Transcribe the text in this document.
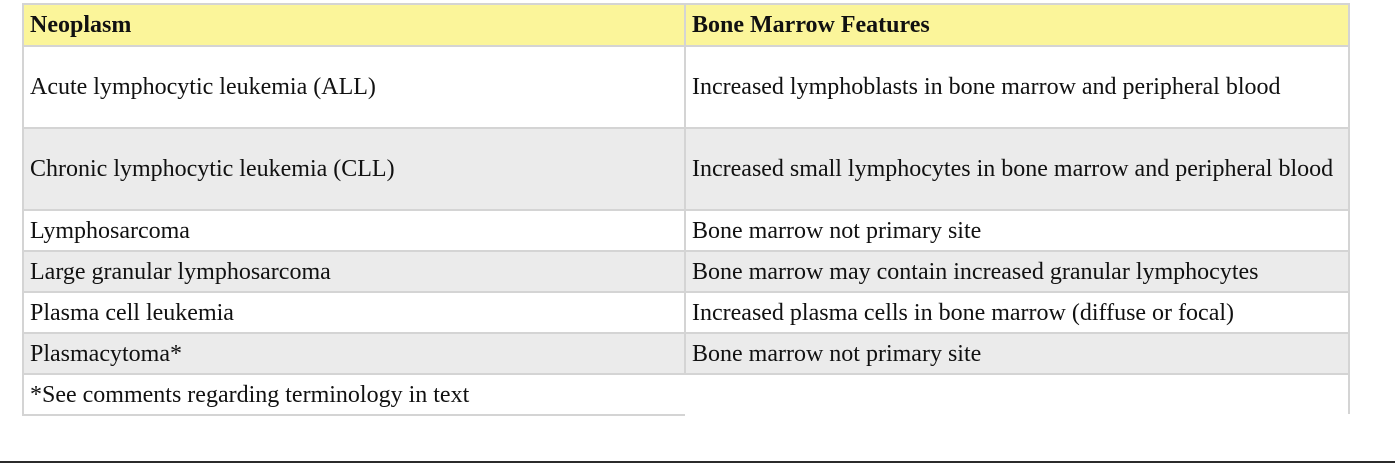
Neoplasm	Bone Marrow Features
Acute lymphocytic leukemia (ALL)	Increased lymphoblasts in bone marrow and peripheral blood
Chronic lymphocytic leukemia (CLL)	Increased small lymphocytes in bone marrow and peripheral blood
Lymphosarcoma	Bone marrow not primary site
Large granular lymphosarcoma	Bone marrow may contain increased granular lymphocytes
Plasma cell leukemia	Increased plasma cells in bone marrow (diffuse or focal)
Plasmacytoma*	Bone marrow not primary site
*See comments regarding terminology in text	
